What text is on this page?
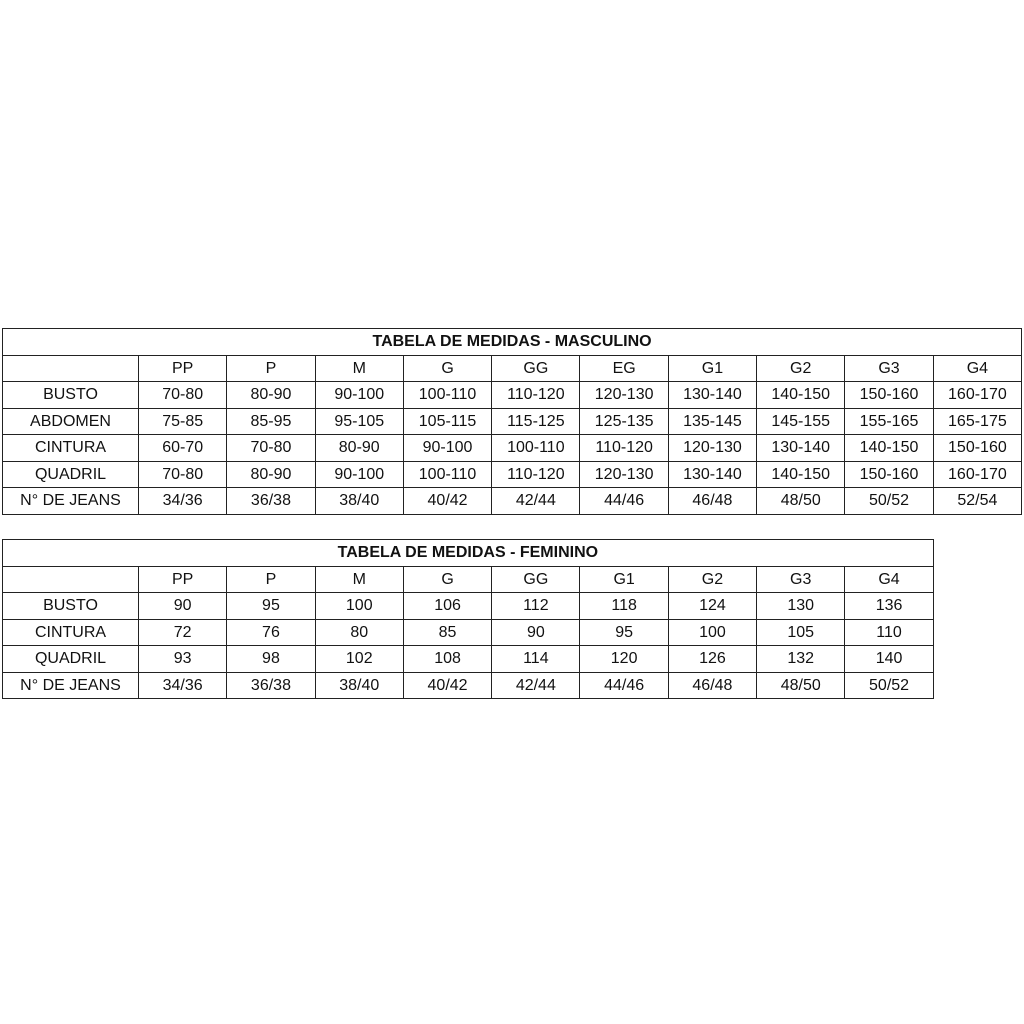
TABELA DE MEDIDAS - MASCULINO										
	PP	P	M	G	GG	EG	G1	G2	G3	G4
BUSTO	70-80	80-90	90-100	100-110	110-120	120-130	130-140	140-150	150-160	160-170
ABDOMEN	75-85	85-95	95-105	105-115	115-125	125-135	135-145	145-155	155-165	165-175
CINTURA	60-70	70-80	80-90	90-100	100-110	110-120	120-130	130-140	140-150	150-160
QUADRIL	70-80	80-90	90-100	100-110	110-120	120-130	130-140	140-150	150-160	160-170
N° DE JEANS	34/36	36/38	38/40	40/42	42/44	44/46	46/48	48/50	50/52	52/54
TABELA DE MEDIDAS - FEMININO									
	PP	P	M	G	GG	G1	G2	G3	G4
BUSTO	90	95	100	106	112	118	124	130	136
CINTURA	72	76	80	85	90	95	100	105	110
QUADRIL	93	98	102	108	114	120	126	132	140
N° DE JEANS	34/36	36/38	38/40	40/42	42/44	44/46	46/48	48/50	50/52
